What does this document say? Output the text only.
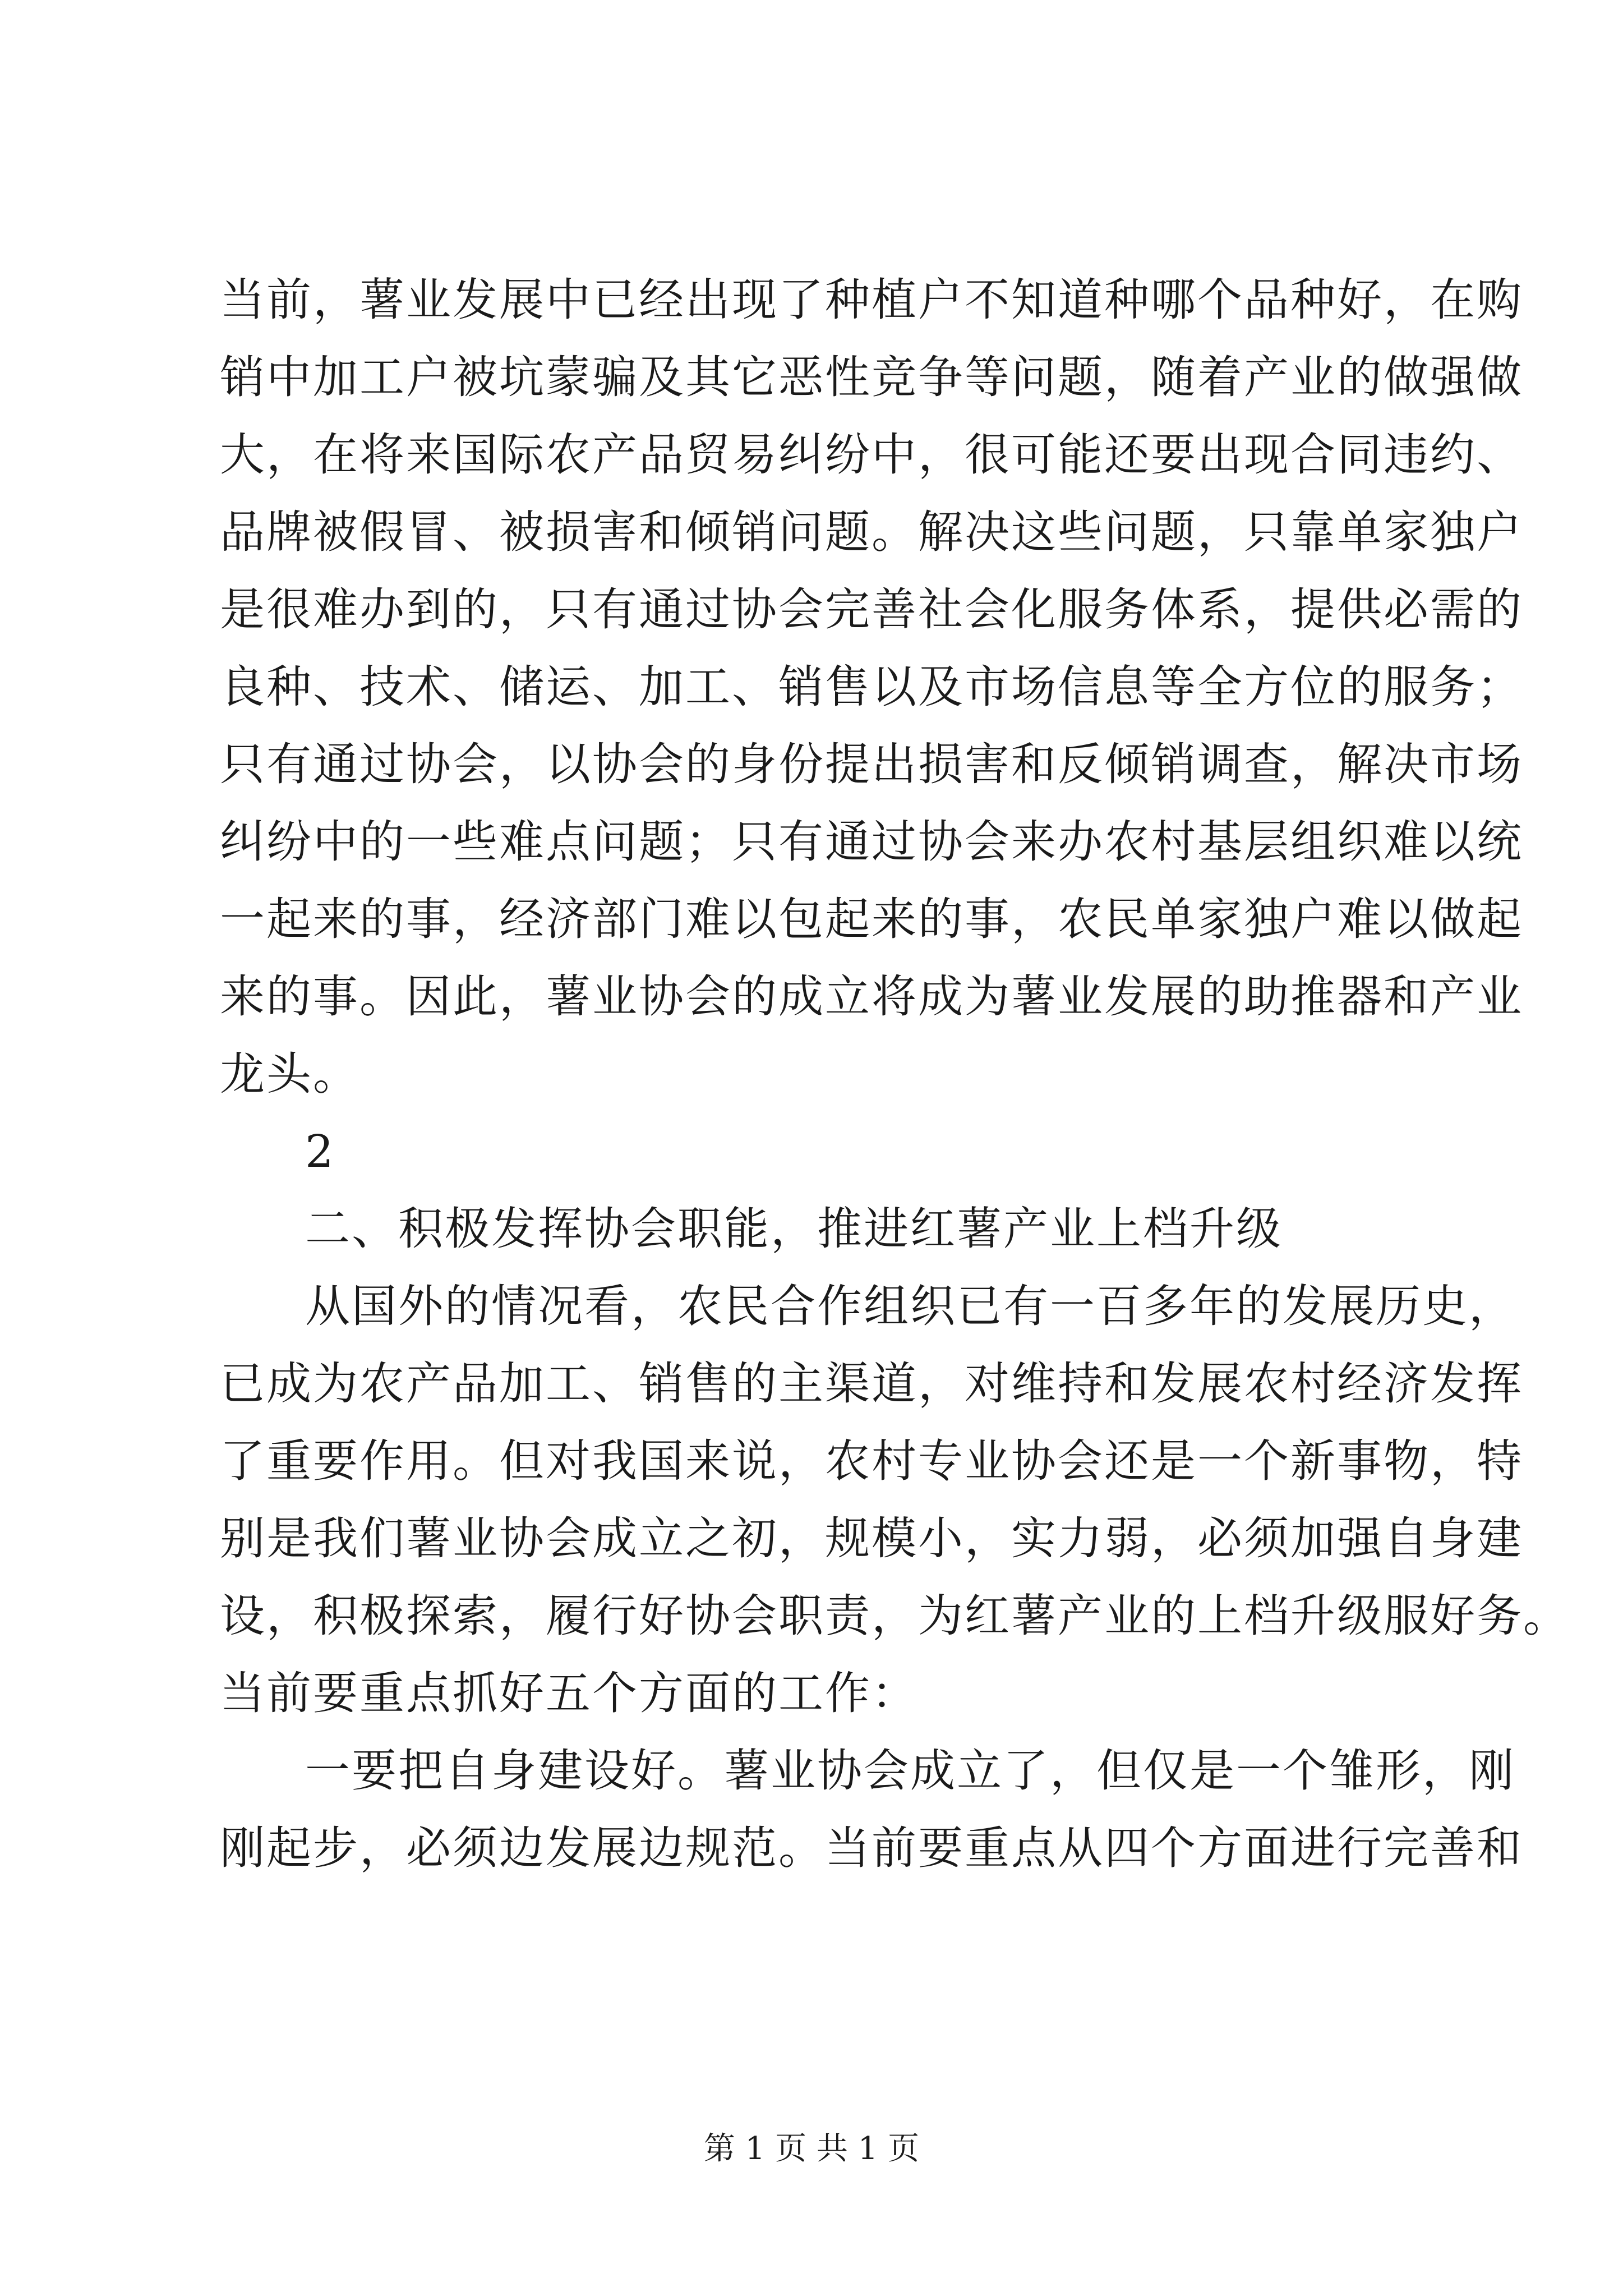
当前，薯业发展中已经出现了种植户不知道种哪个品种好，在购
销中加工户被坑蒙骗及其它恶性竞争等问题，随着产业的做强做
大，在将来国际农产品贸易纠纷中，很可能还要出现合同违约、
品牌被假冒、被损害和倾销问题。解决这些问题，只靠单家独户
是很难办到的，只有通过协会完善社会化服务体系，提供必需的
良种、技术、储运、加工、销售以及市场信息等全方位的服务；
只有通过协会，以协会的身份提出损害和反倾销调查，解决市场
纠纷中的一些难点问题；只有通过协会来办农村基层组织难以统
一起来的事，经济部门难以包起来的事，农民单家独户难以做起
来的事。因此，薯业协会的成立将成为薯业发展的助推器和产业
龙头。
2
二、积极发挥协会职能，推进红薯产业上档升级
从国外的情况看，农民合作组织已有一百多年的发展历史，
已成为农产品加工、销售的主渠道，对维持和发展农村经济发挥
了重要作用。但对我国来说，农村专业协会还是一个新事物，特
别是我们薯业协会成立之初，规模小，实力弱，必须加强自身建
设，积极探索，履行好协会职责，为红薯产业的上档升级服好务。
当前要重点抓好五个方面的工作：
一要把自身建设好。薯业协会成立了，但仅是一个雏形，刚
刚起步，必须边发展边规范。当前要重点从四个方面进行完善和
第 1 页 共 1 页
